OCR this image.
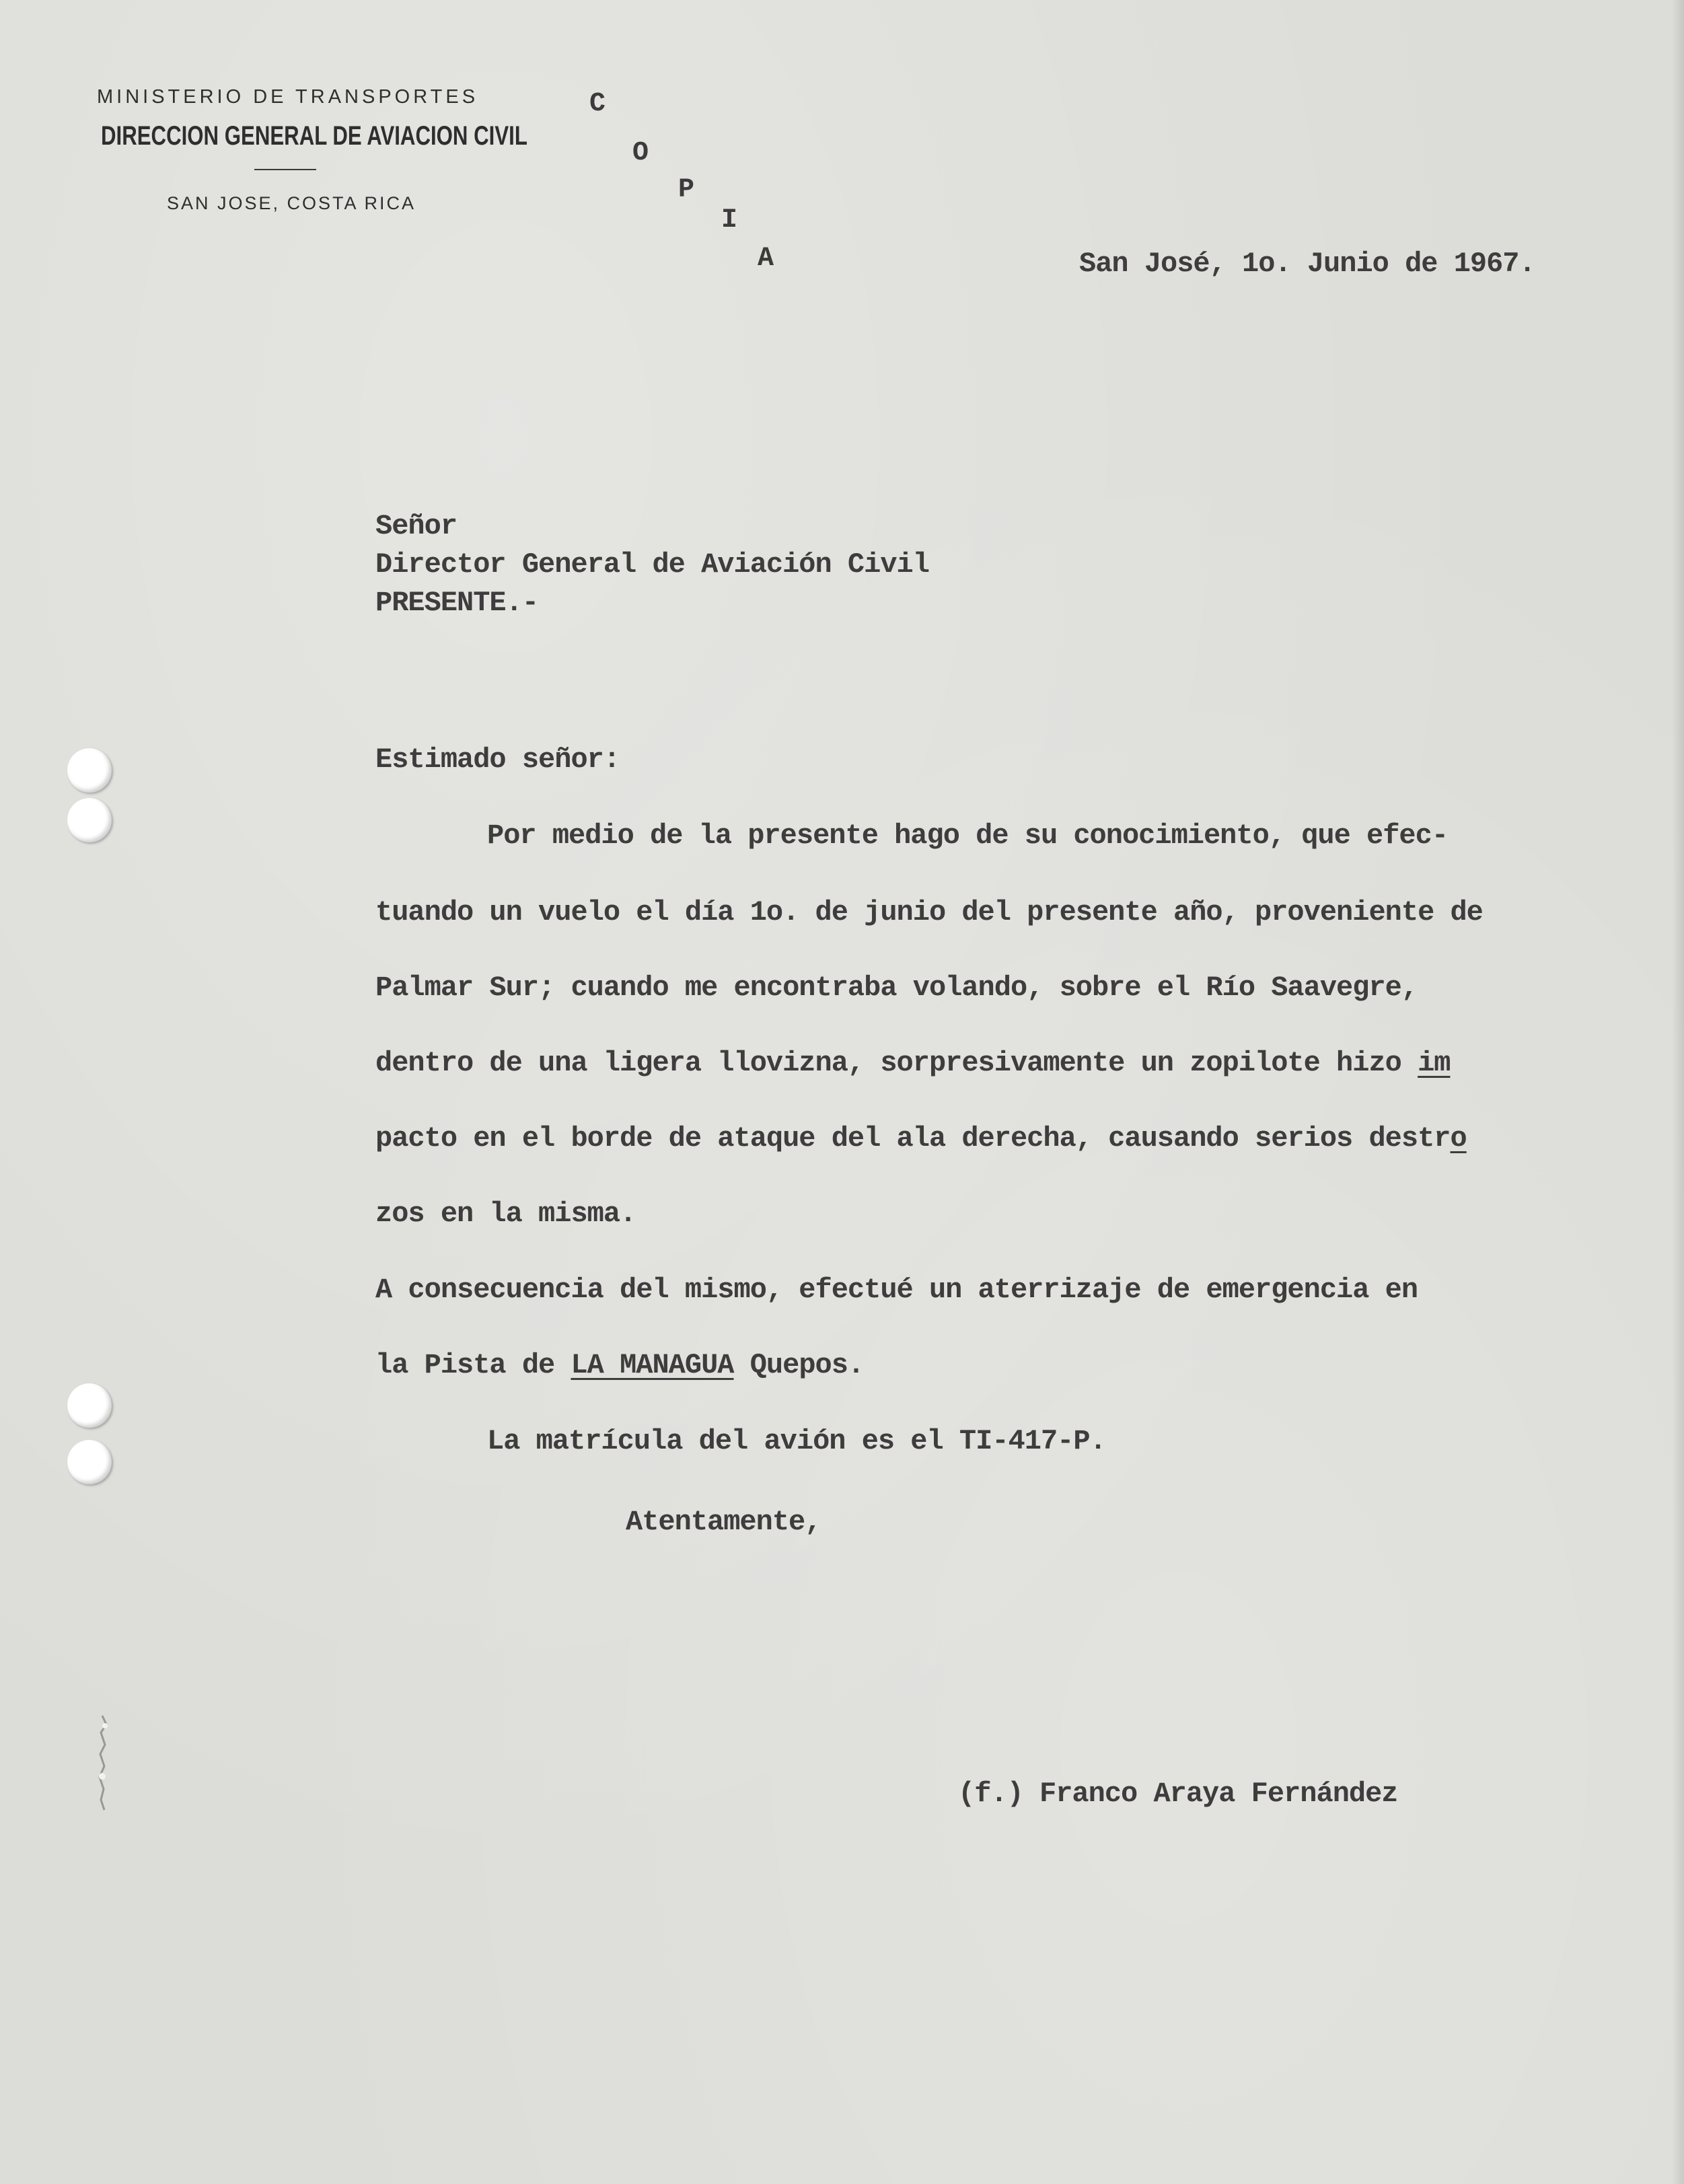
MINISTERIO DE TRANSPORTES
DIRECCION GENERAL DE AVIACION CIVIL
SAN JOSE, COSTA RICA
C
O
P
I
A	San José, 1o. Junio de 1967.
Señor
Director General de Aviación Civil
PRESENTE.-
Estimado señor:
Por medio de la presente hago de su conocimiento, que efec-
tuando un vuelo el día 1o. de junio del presente año, proveniente de
Palmar Sur; cuando me encontraba volando, sobre el Río Saavegre,
dentro de una ligera llovizna, sorpresivamente un zopilote hizo im
pacto en el borde de ataque del ala derecha, causando serios destro
zos en la misma.
A consecuencia del mismo, efectué un aterrizaje de emergencia en
la Pista de LA MANAGUA Quepos.
La matrícula del avión es el TI-417-P.
Atentamente,
(f.) Franco Araya Fernández
